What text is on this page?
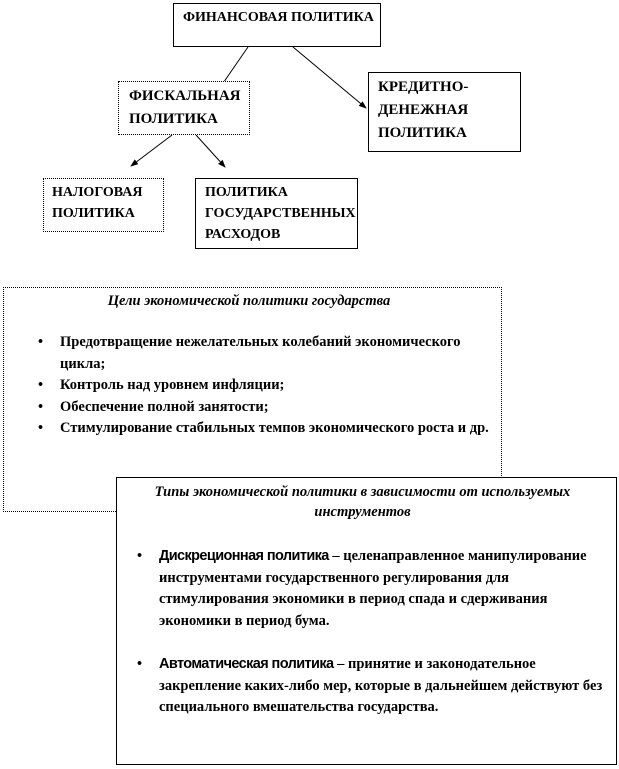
ФИНАНСОВАЯ ПОЛИТИКА
ФИСКАЛЬНАЯ
ПОЛИТИКА
КРЕДИТНО-
ДЕНЕЖНАЯ
ПОЛИТИКА
НАЛОГОВАЯ
ПОЛИТИКА
ПОЛИТИКА
ГОСУДАРСТВЕННЫХ
РАСХОДОВ
Цели экономической политики государства
• Предотвращение нежелательных колебаний экономического цикла;
• Контроль над уровнем инфляции;
• Обеспечение полной занятости;
• Стимулирование стабильных темпов экономического роста и др.
Типы экономической политики в зависимости от используемых инструментов
• Дискреционная политика – целенаправленное манипулирование инструментами государственного регулирования для стимулирования экономики в период спада и сдерживания экономики в период бума.
• Автоматическая политика – принятие и законодательное закрепление каких-либо мер, которые в дальнейшем действуют без специального вмешательства государства.
